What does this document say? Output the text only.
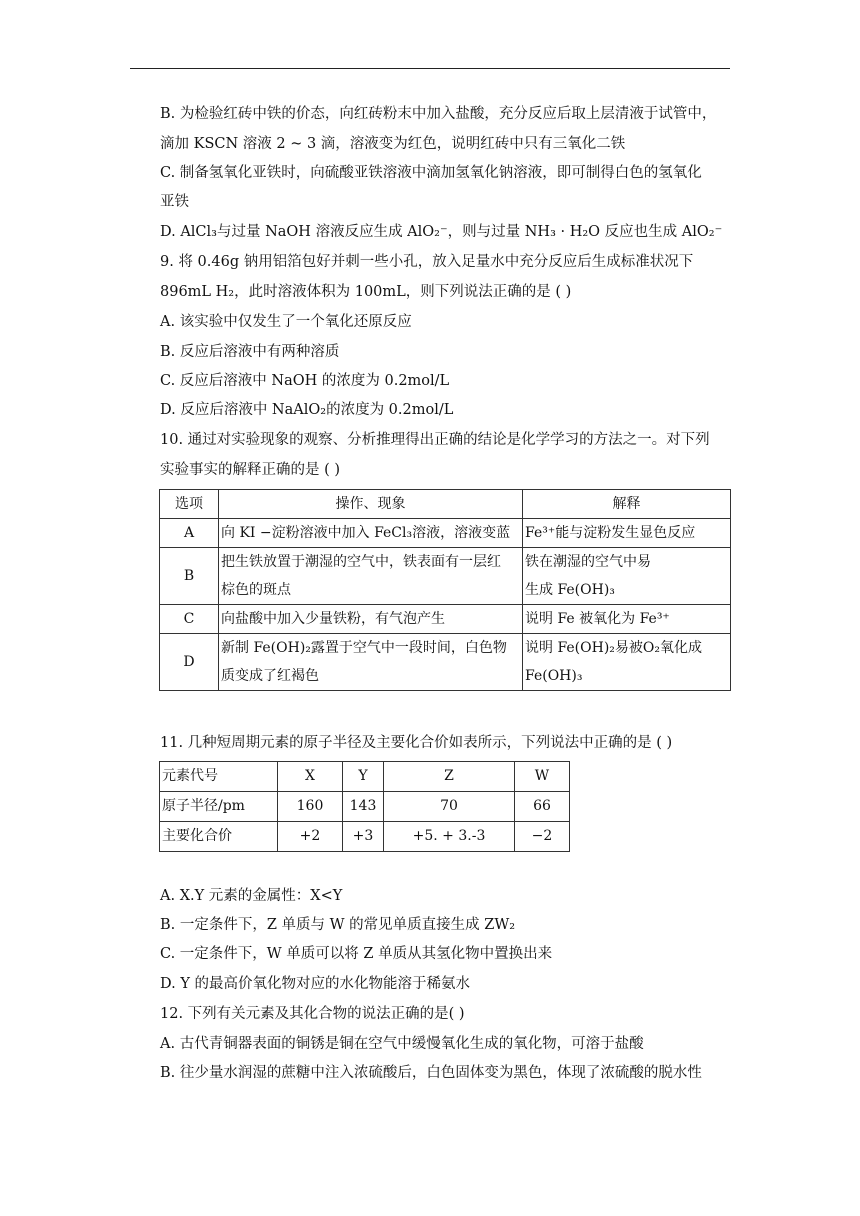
B. 为检验红砖中铁的价态，向红砖粉末中加入盐酸，充分反应后取上层清液于试管中，
滴加 KSCN 溶液 2 ~ 3 滴，溶液变为红色，说明红砖中只有三氧化二铁
C. 制备氢氧化亚铁时，向硫酸亚铁溶液中滴加氢氧化钠溶液，即可制得白色的氢氧化
亚铁
D. AlCl₃与过量 NaOH 溶液反应生成 AlO₂⁻，则与过量 NH₃ · H₂O 反应也生成 AlO₂⁻
9. 将 0.46g 钠用铝箔包好并刺一些小孔，放入足量水中充分反应后生成标准状况下
896mL H₂，此时溶液体积为 100mL，则下列说法正确的是 ( )
A. 该实验中仅发生了一个氧化还原反应
B. 反应后溶液中有两种溶质
C. 反应后溶液中 NaOH 的浓度为 0.2mol/L
D. 反应后溶液中 NaAlO₂的浓度为 0.2mol/L
10. 通过对实验现象的观察、分析推理得出正确的结论是化学学习的方法之一。对下列
实验事实的解释正确的是 ( )
选项	操作、现象	解释
A	向 KI −淀粉溶液中加入 FeCl₃溶液，溶液变蓝	Fe³⁺能与淀粉发生显色反应
B	把生铁放置于潮湿的空气中，铁表面有一层红
棕色的斑点	铁在潮湿的空气中易
生成 Fe(OH)₃
C	向盐酸中加入少量铁粉，有气泡产生	说明 Fe 被氧化为 Fe³⁺
D	新制 Fe(OH)₂露置于空气中一段时间，白色物
质变成了红褐色	说明 Fe(OH)₂易被O₂氧化成
Fe(OH)₃
11. 几种短周期元素的原子半径及主要化合价如表所示，下列说法中正确的是 ( )
元素代号	X	Y	Z	W
原子半径/pm	160	143	70	66
主要化合价	+2	+3	+5. + 3.-3	−2
A. X.Y 元素的金属性：X<Y
B. 一定条件下，Z 单质与 W 的常见单质直接生成 ZW₂
C. 一定条件下，W 单质可以将 Z 单质从其氢化物中置换出来
D. Y 的最高价氧化物对应的水化物能溶于稀氨水
12. 下列有关元素及其化合物的说法正确的是( )
A. 古代青铜器表面的铜锈是铜在空气中缓慢氧化生成的氧化物，可溶于盐酸
B. 往少量水润湿的蔗糖中注入浓硫酸后，白色固体变为黑色，体现了浓硫酸的脱水性
